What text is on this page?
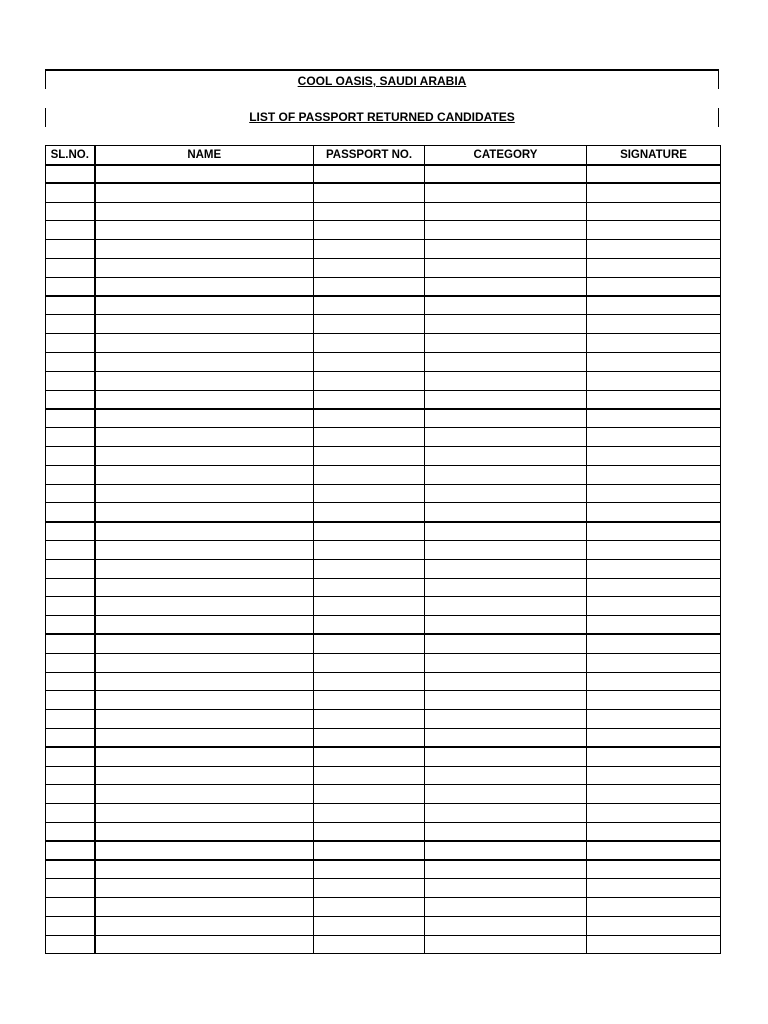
COOL OASIS, SAUDI ARABIA
LIST OF PASSPORT RETURNED CANDIDATES
SL.NO.	NAME	PASSPORT NO.	CATEGORY	SIGNATURE
